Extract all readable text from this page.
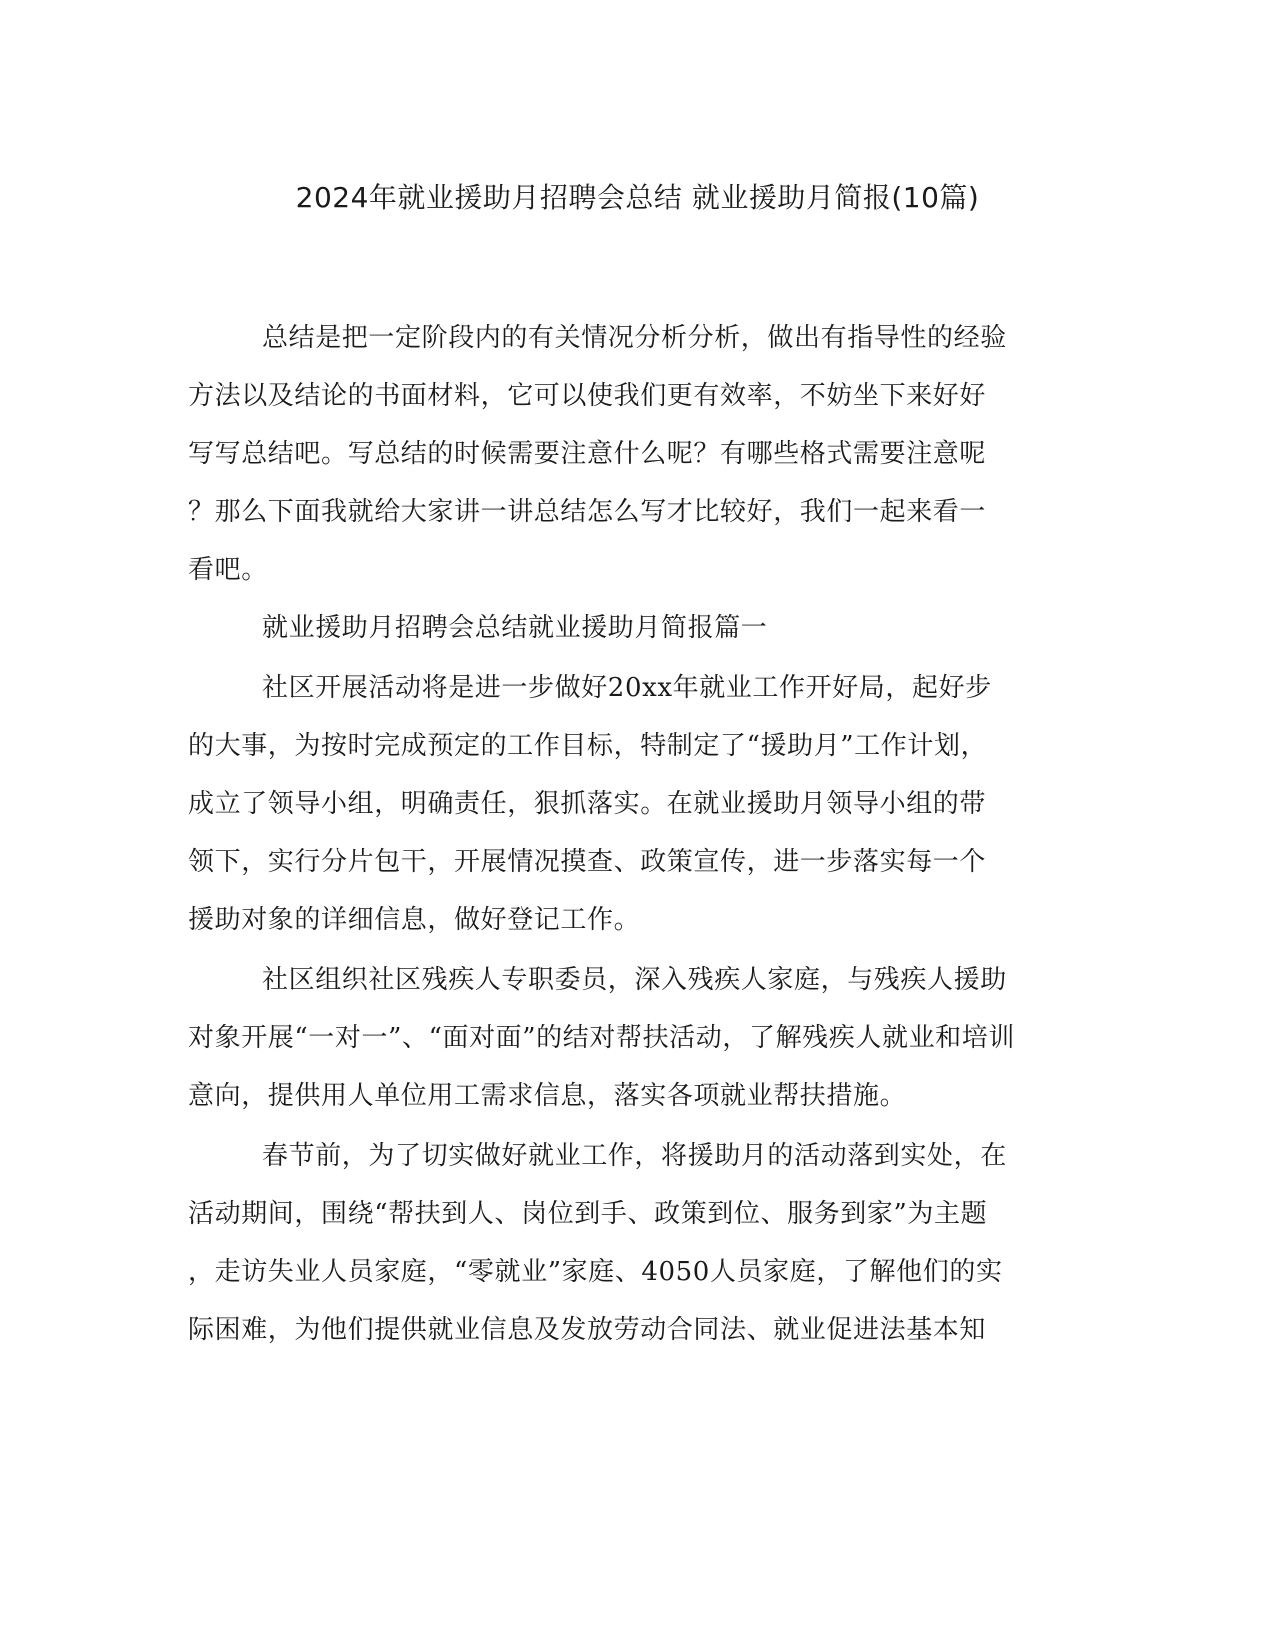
2024年就业援助月招聘会总结 就业援助月简报(10篇)
总结是把一定阶段内的有关情况分析分析，做出有指导性的经验
方法以及结论的书面材料，它可以使我们更有效率，不妨坐下来好好
写写总结吧。写总结的时候需要注意什么呢？有哪些格式需要注意呢
？那么下面我就给大家讲一讲总结怎么写才比较好，我们一起来看一
看吧。
就业援助月招聘会总结就业援助月简报篇一
社区开展活动将是进一步做好20xx年就业工作开好局，起好步
的大事，为按时完成预定的工作目标，特制定了“援助月”工作计划，
成立了领导小组，明确责任，狠抓落实。在就业援助月领导小组的带
领下，实行分片包干，开展情况摸查、政策宣传，进一步落实每一个
援助对象的详细信息，做好登记工作。
社区组织社区残疾人专职委员，深入残疾人家庭，与残疾人援助
对象开展“一对一”、“面对面”的结对帮扶活动，了解残疾人就业和培训
意向，提供用人单位用工需求信息，落实各项就业帮扶措施。
春节前，为了切实做好就业工作，将援助月的活动落到实处，在
活动期间，围绕“帮扶到人、岗位到手、政策到位、服务到家”为主题
，走访失业人员家庭，“零就业”家庭、4050人员家庭，了解他们的实
际困难，为他们提供就业信息及发放劳动合同法、就业促进法基本知
